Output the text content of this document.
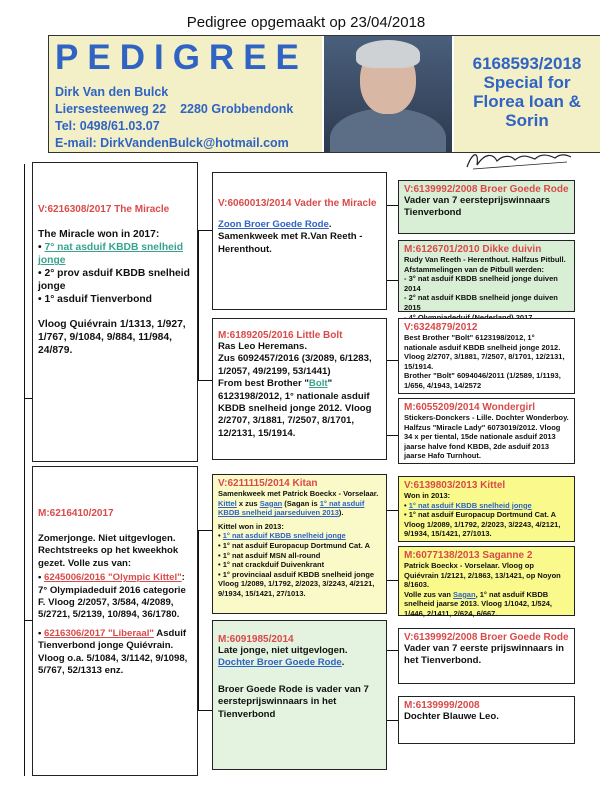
Pedigree opgemaakt op 23/04/2018
PEDIGREE
Dirk Van den Bulck
Liersesteenweg 22 2280 Grobbendonk
Tel: 0498/61.03.07
E-mail: DirkVandenBulck@hotmail.com
6168593/2018
Special for
Florea Ioan &
Sorin
V:6216308/2017 The Miracle
The Miracle won in 2017:
• 7° nat asduif KBDB snelheid jonge
• 2° prov asduif KBDB snelheid jonge
• 1° asduif Tienverbond
Vloog Quiévrain 1/1313, 1/927, 1/767, 9/1084, 9/884, 11/984, 24/879.
M:6216410/2017
Zomerjonge. Niet uitgevlogen. Rechtstreeks op het kweekhok gezet. Volle zus van:
• 6245006/2016 "Olympic Kittel": 7° Olympiadeduif 2016 categorie F. Vloog 2/2057, 3/584, 4/2089, 5/2721, 5/2139, 10/894, 36/1780.
• 6216306/2017 "Liberaal" Asduif Tienverbond jonge Quiévrain. Vloog o.a. 5/1084, 3/1142, 9/1098, 5/767, 52/1313 enz.
V:6060013/2014 Vader the Miracle
Zoon Broer Goede Rode.
Samenkweek met R.Van Reeth - Herenthout.
M:6189205/2016 Little Bolt
Ras Leo Heremans.
Zus 6092457/2016 (3/2089, 6/1283, 1/2057, 49/2199, 53/1441)
From best Brother "Bolt" 6123198/2012, 1° nationale asduif KBDB snelheid jonge 2012. Vloog 2/2707, 3/1881, 7/2507, 8/1701, 12/2131, 15/1914.
V:6211115/2014 Kitan
Samenkweek met Patrick Boeckx - Vorselaar.
Kittel x zus Sagan (Sagan is 1° nat asduif KBDB snelheid jaarseduiven 2013).
Kittel won in 2013:
• 1° nat asduif KBDB snelheid jonge
• 1° nat asduif Europacup Dortmund Cat. A
• 1° nat asduif MSN all-round
• 1° nat crackduif Duivenkrant
• 1° provinciaal asduif KBDB snelheid jonge
Vloog 1/2089, 1/1792, 2/2023, 3/2243, 4/2121, 9/1934, 15/1421, 27/1013.
M:6091985/2014
Late jonge, niet uitgevlogen.
Dochter Broer Goede Rode.
Broer Goede Rode is vader van 7 eersteprijswinnaars in het Tienverbond
V:6139992/2008 Broer Goede Rode
Vader van 7 eersteprijswinnaars Tienverbond
M:6126701/2010 Dikke duivin
Rudy Van Reeth - Herenthout. Halfzus Pitbull.
Afstammelingen van de Pitbull werden:
- 3° nat asduif KBDB snelheid jonge duiven 2014
- 2° nat asduif KBDB snelheid jonge duiven 2015
V:6324879/2012
Best Brother "Bolt" 6123198/2012, 1° nationale asduif KBDB snelheid jonge 2012. Vloog 2/2707, 3/1881, 7/2507, 8/1701, 12/2131, 15/1914.
Brother "Bolt" 6094046/2011 (1/2589, 1/1193, 1/656, 4/1943, 14/2572
M:6055209/2014 Wondergirl
Stickers-Donckers - Lille. Dochter Wonderboy.
Halfzus "Miracle Lady" 6073019/2012. Vloog 34 x per tiental, 15de nationale asduif 2013 jaarse halve fond KBDB, 2de asduif 2013 jaarse Hafo Turnhout.
V:6139803/2013 Kittel
Won in 2013:
• 1° nat asduif KBDB snelheid jonge
• 1° nat asduif Europacup Dortmund Cat. A
Vloog 1/2089, 1/1792, 2/2023, 3/2243, 4/2121, 9/1934, 15/1421, 27/1013.
M:6077138/2013 Saganne 2
Patrick Boeckx - Vorselaar. Vloog op Quiévrain 1/2121, 2/1863, 13/1421, op Noyon 8/1603.
Volle zus van Sagan, 1° nat asduif KBDB snelheid jaarse 2013. Vloog 1/1042, 1/524, 1/446, 2/1411, 2/624, 6/667.
V:6139992/2008 Broer Goede Rode
Vader van 7 eerste prijswinnaars in het Tienverbond.
M:6139999/2008
Dochter Blauwe Leo.
